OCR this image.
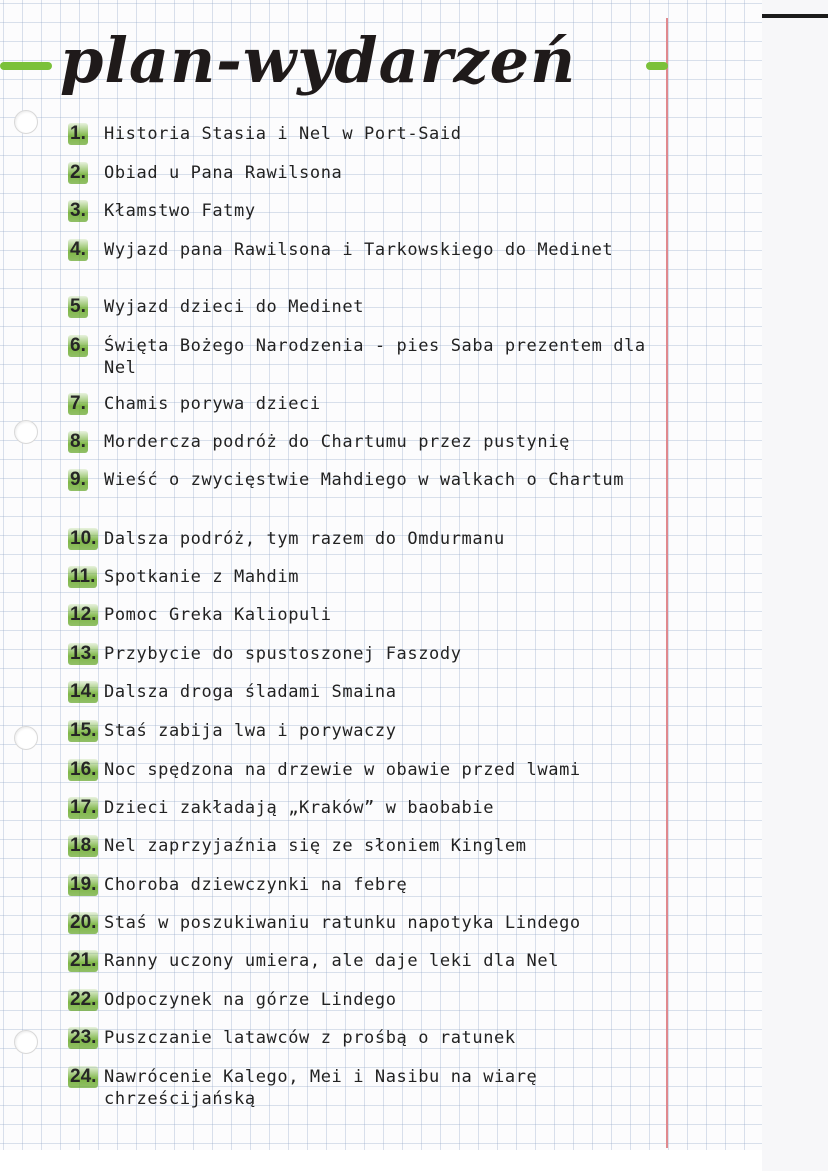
plan-wydarzeń
1. Historia Stasia i Nel w Port-Said
2. Obiad u Pana Rawilsona
3. Kłamstwo Fatmy
4. Wyjazd pana Rawilsona i Tarkowskiego do Medinet
5. Wyjazd dzieci do Medinet
6. Święta Bożego Narodzenia - pies Saba prezentem dla Nel
7. Chamis porywa dzieci
8. Mordercza podróż do Chartumu przez pustynię
9. Wieść o zwycięstwie Mahdiego w walkach o Chartum
10. Dalsza podróż, tym razem do Omdurmanu
11. Spotkanie z Mahdim
12. Pomoc Greka Kaliopuli
13. Przybycie do spustoszonej Faszody
14. Dalsza droga śladami Smaina
15. Staś zabija lwa i porywaczy
16. Noc spędzona na drzewie w obawie przed lwami
17. Dzieci zakładają „Kraków” w baobabie
18. Nel zaprzyjaźnia się ze słoniem Kinglem
19. Choroba dziewczynki na febrę
20. Staś w poszukiwaniu ratunku napotyka Lindego
21. Ranny uczony umiera, ale daje leki dla Nel
22. Odpoczynek na górze Lindego
23. Puszczanie latawców z prośbą o ratunek
24. Nawrócenie Kalego, Mei i Nasibu na wiarę chrześcijańską
